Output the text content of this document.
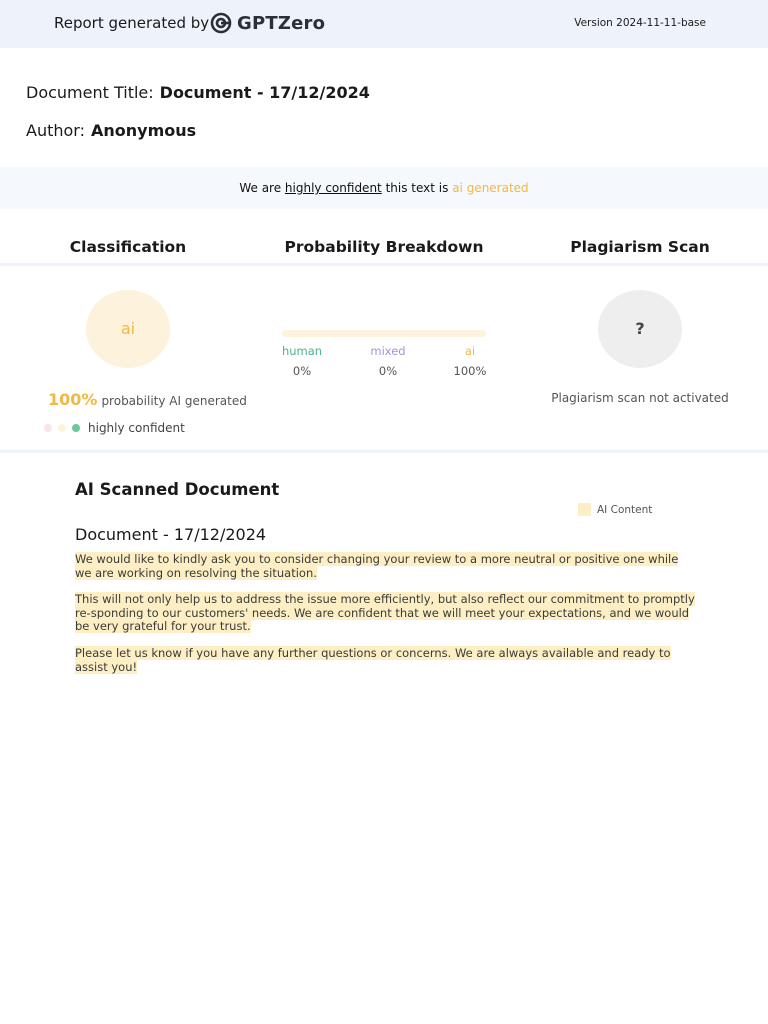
Report generated by GPTZero	Version 2024-11-11-base
Document Title: Document - 17/12/2024
Author: Anonymous
We are highly confident this text is ai generated
Classification	Probability Breakdown	Plagiarism Scan
ai
100% probability AI generated
highly confident
human	mixed	ai
0%	0%	100%
?
Plagiarism scan not activated
AI Scanned Document
AI Content
Document - 17/12/2024
We would like to kindly ask you to consider changing your review to a more neutral or positive one while we are working on resolving the situation.
This will not only help us to address the issue more efficiently, but also reflect our commitment to promptly re-sponding to our customers' needs. We are confident that we will meet your expectations, and we would be very grateful for your trust.
Please let us know if you have any further questions or concerns. We are always available and ready to assist you!
